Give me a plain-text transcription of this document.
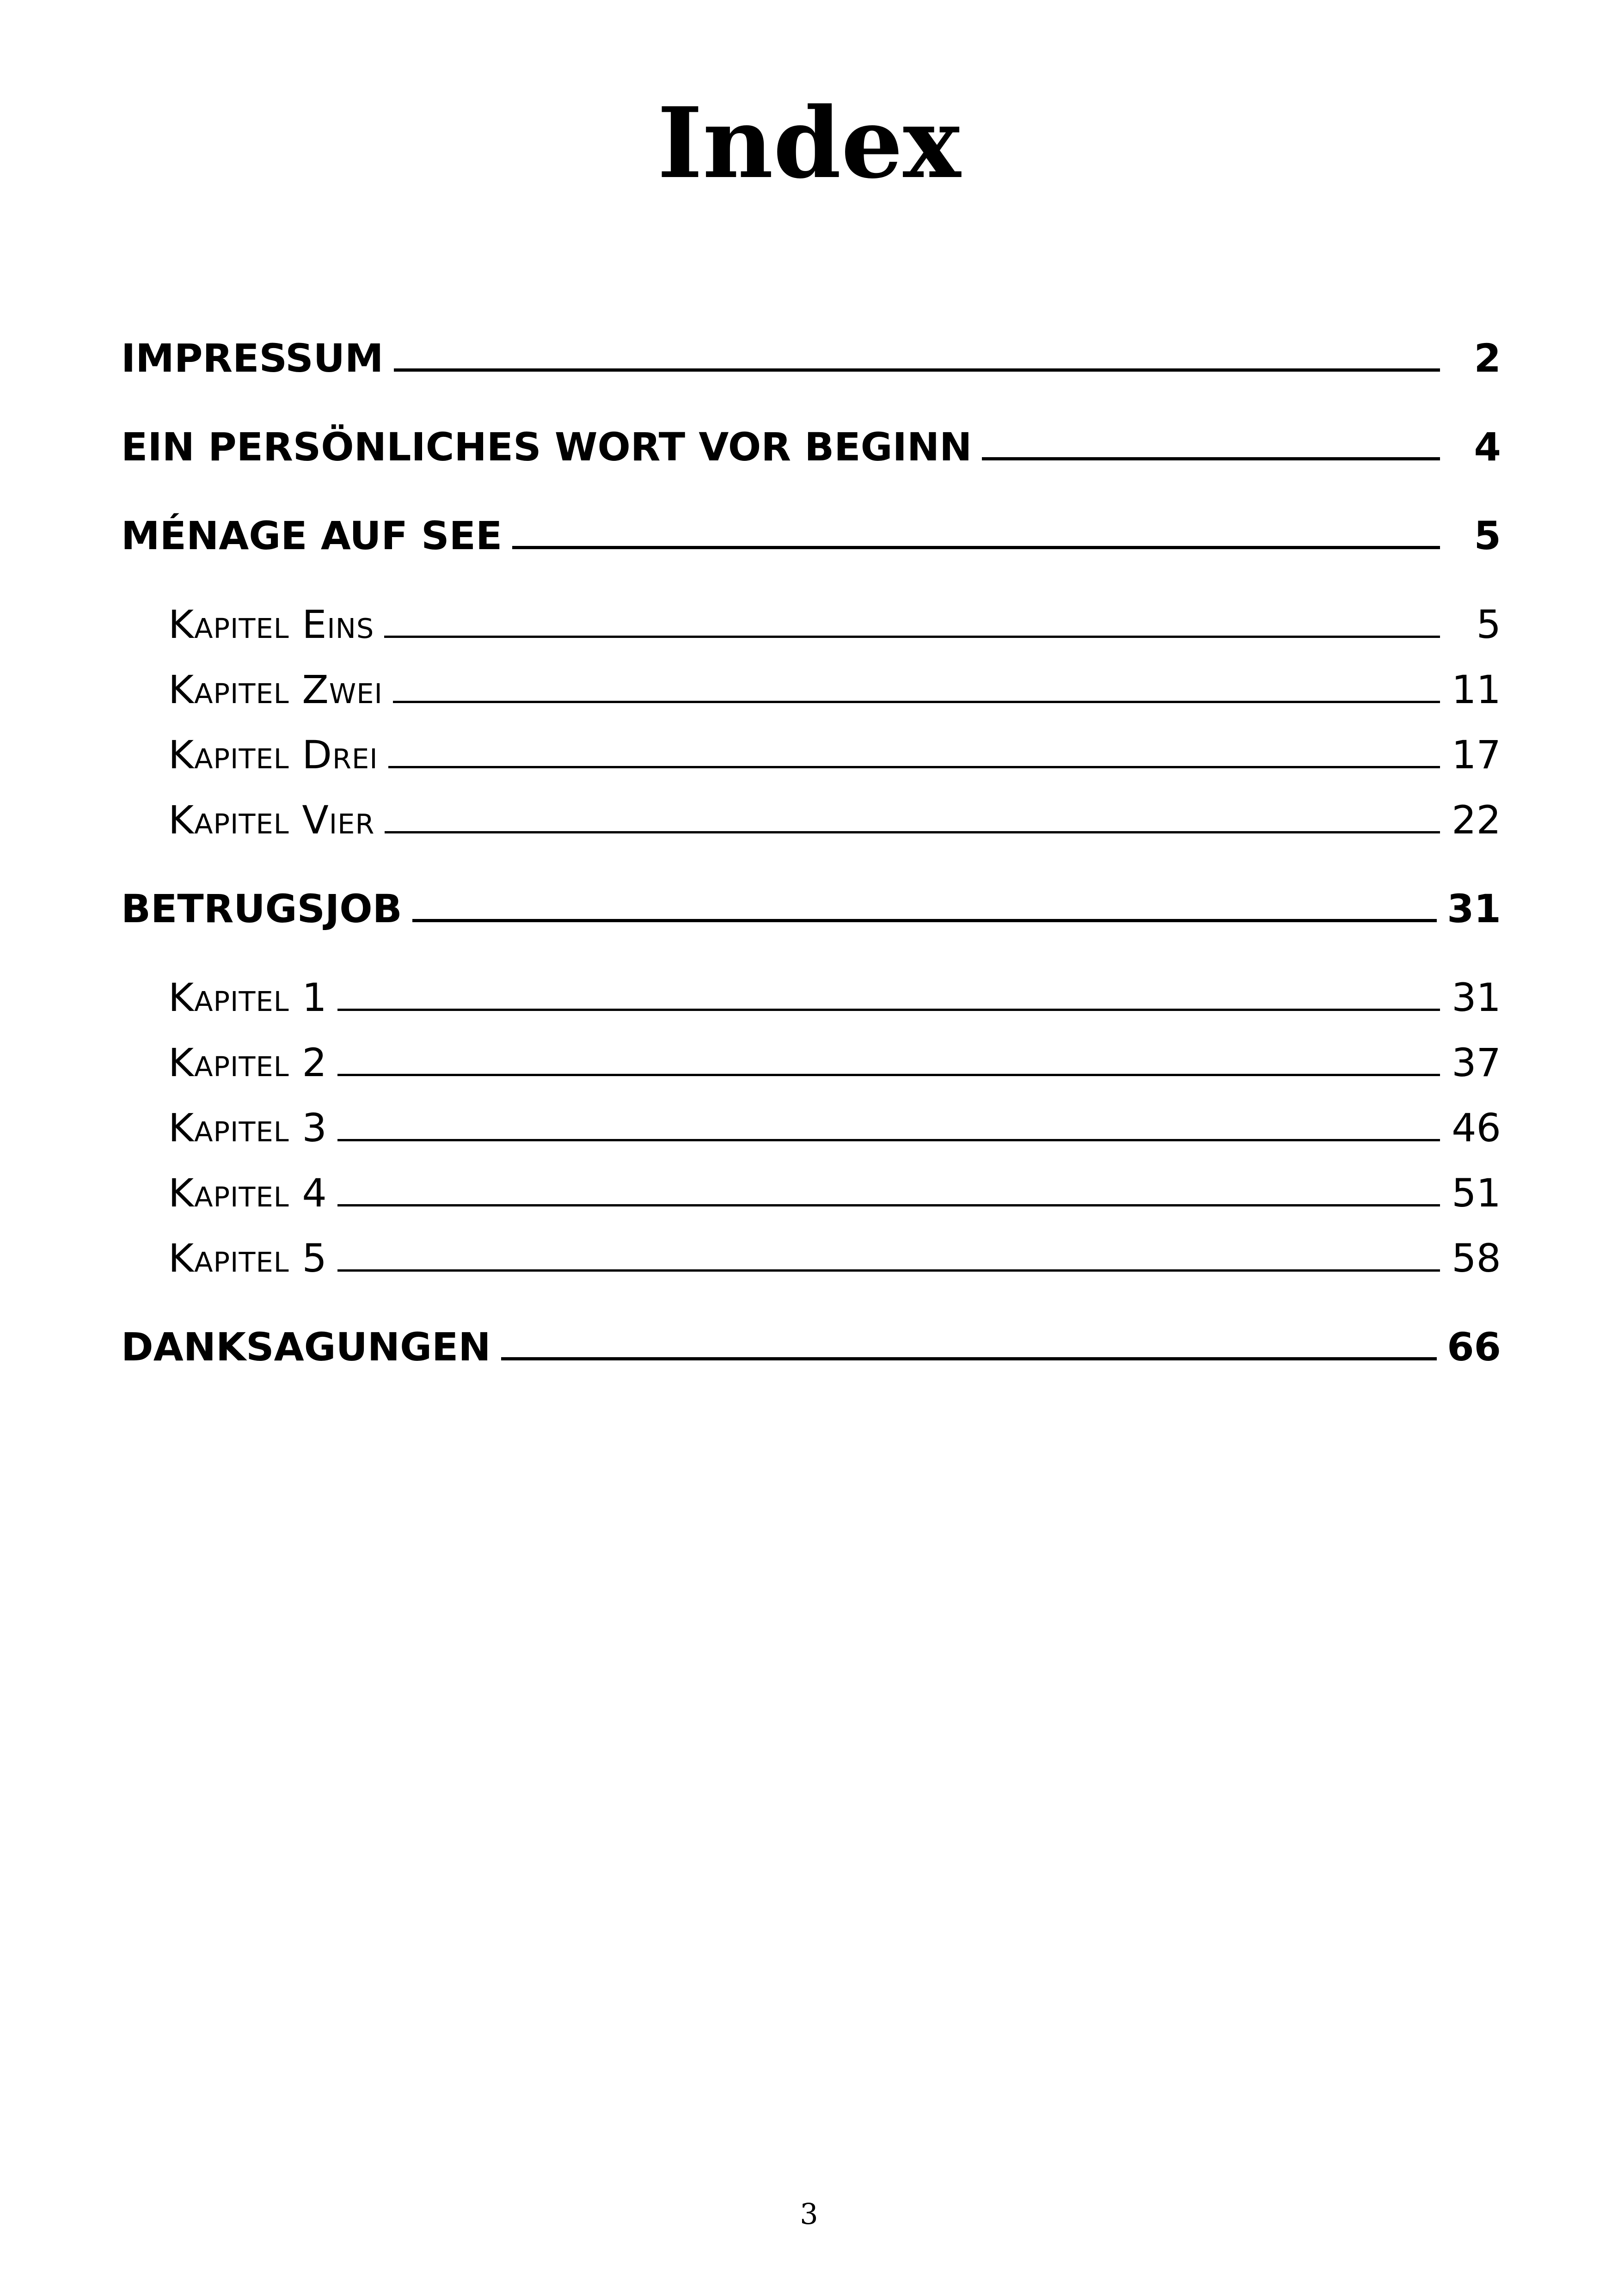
Index
IMPRESSUM	2
EIN PERSÖNLICHES WORT VOR BEGINN	4
MÉNAGE AUF SEE	5
Kapitel Eins	5
Kapitel Zwei	11
Kapitel Drei	17
Kapitel Vier	22
BETRUGSJOB	31
Kapitel 1	31
Kapitel 2	37
Kapitel 3	46
Kapitel 4	51
Kapitel 5	58
DANKSAGUNGEN	66
3
